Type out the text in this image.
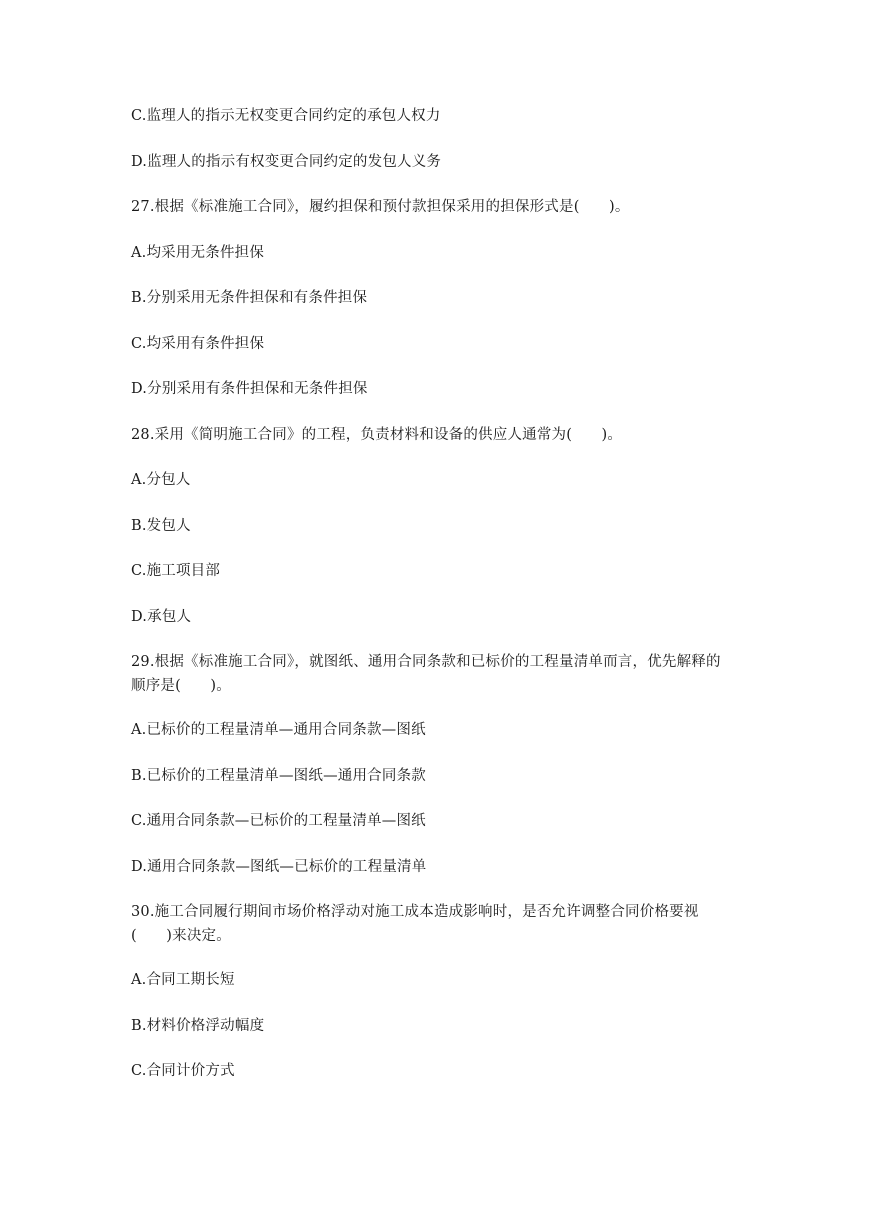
C.监理人的指示无权变更合同约定的承包人权力
D.监理人的指示有权变更合同约定的发包人义务
27.根据《标准施工合同》，履约担保和预付款担保采用的担保形式是(　　)。
A.均采用无条件担保
B.分别采用无条件担保和有条件担保
C.均采用有条件担保
D.分别采用有条件担保和无条件担保
28.采用《简明施工合同》的工程，负责材料和设备的供应人通常为(　　)。
A.分包人
B.发包人
C.施工项目部
D.承包人
29.根据《标准施工合同》，就图纸、通用合同条款和已标价的工程量清单而言，优先解释的
顺序是(　　)。
A.已标价的工程量清单—通用合同条款—图纸
B.已标价的工程量清单—图纸—通用合同条款
C.通用合同条款—已标价的工程量清单—图纸
D.通用合同条款—图纸—已标价的工程量清单
30.施工合同履行期间市场价格浮动对施工成本造成影响时，是否允许调整合同价格要视
(　　)来决定。
A.合同工期长短
B.材料价格浮动幅度
C.合同计价方式
